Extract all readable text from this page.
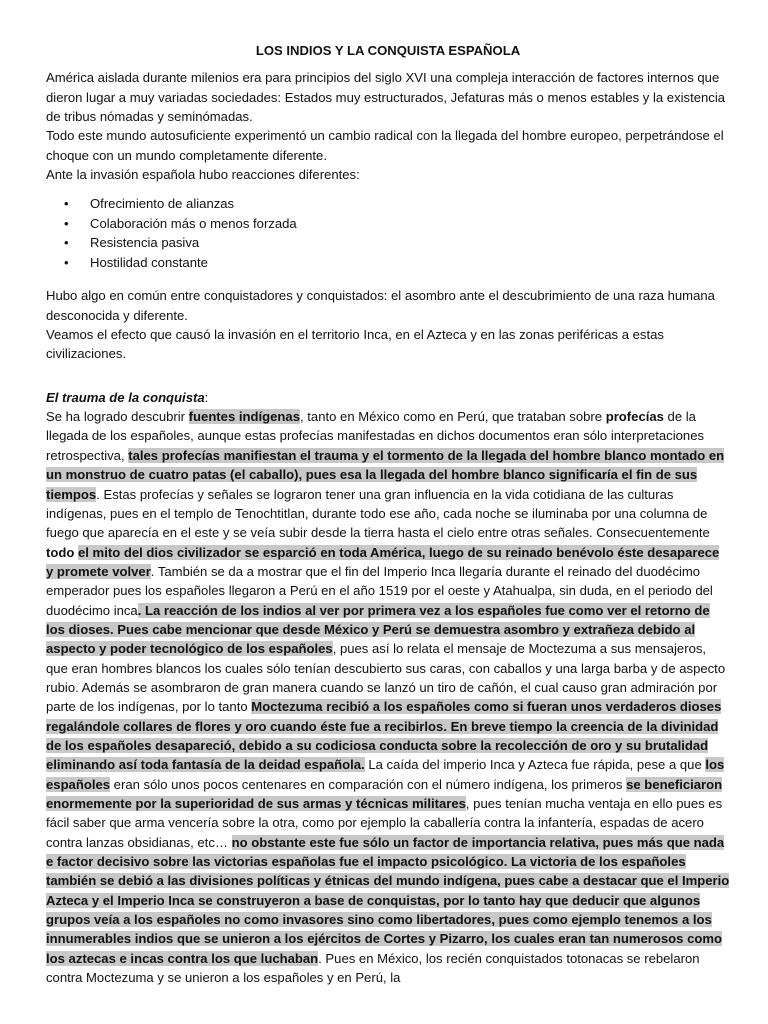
LOS INDIOS Y LA CONQUISTA ESPAÑOLA

América aislada durante milenios era para principios del siglo XVI una compleja interacción de factores internos que dieron lugar a muy variadas sociedades: Estados muy estructurados, Jefaturas más o menos estables y la existencia de tribus nómadas y seminómadas.

Todo este mundo autosuficiente experimentó un cambio radical con la llegada del hombre europeo, perpetrándose el choque con un mundo completamente diferente.

Ante la invasión española hubo reacciones diferentes:

• Ofrecimiento de alianzas
• Colaboración más o menos forzada
• Resistencia pasiva
• Hostilidad constante

Hubo algo en común entre conquistadores y conquistados: el asombro ante el descubrimiento de una raza humana desconocida y diferente.

Veamos el efecto que causó la invasión en el territorio Inca, en el Azteca y en las zonas periféricas a estas civilizaciones.

El trauma de la conquista:

Se ha logrado descubrir fuentes indígenas, tanto en México como en Perú, que trataban sobre profecías de la llegada de los españoles, aunque estas profecías manifestadas en dichos documentos eran sólo interpretaciones retrospectiva, tales profecías manifiestan el trauma y el tormento de la llegada del hombre blanco montado en un monstruo de cuatro patas (el caballo), pues esa la llegada del hombre blanco significaría el fin de sus tiempos. Estas profecías y señales se lograron tener una gran influencia en la vida cotidiana de las culturas indígenas, pues en el templo de Tenochtitlan, durante todo ese año, cada noche se iluminaba por una columna de fuego que aparecía en el este y se veía subir desde la tierra hasta el cielo entre otras señales. Consecuentemente todo el mito del dios civilizador se esparció en toda América, luego de su reinado benévolo éste desaparece y promete volver. También se da a mostrar que el fin del Imperio Inca llegaría durante el reinado del duodécimo emperador pues los españoles llegaron a Perú en el año 1519 por el oeste y Atahualpa, sin duda, en el periodo del duodécimo inca. La reacción de los indios al ver por primera vez a los españoles fue como ver el retorno de los dioses. Pues cabe mencionar que desde México y Perú se demuestra asombro y extrañeza debido al aspecto y poder tecnológico de los españoles, pues así lo relata el mensaje de Moctezuma a sus mensajeros, que eran hombres blancos los cuales sólo tenían descubierto sus caras, con caballos y una larga barba y de aspecto rubio. Además se asombraron de gran manera cuando se lanzó un tiro de cañón, el cual causo gran admiración por parte de los indígenas, por lo tanto Moctezuma recibió a los españoles como si fueran unos verdaderos dioses regalándole collares de flores y oro cuando éste fue a recibirlos. En breve tiempo la creencia de la divinidad de los españoles desapareció, debido a su codiciosa conducta sobre la recolección de oro y su brutalidad eliminando así toda fantasía de la deidad española. La caída del imperio Inca y Azteca fue rápida, pese a que los españoles eran sólo unos pocos centenares en comparación con el número indígena, los primeros se beneficiaron enormemente por la superioridad de sus armas y técnicas militares, pues tenían mucha ventaja en ello pues es fácil saber que arma vencería sobre la otra, como por ejemplo la caballería contra la infantería, espadas de acero contra lanzas obsidianas, etc… no obstante este fue sólo un factor de importancia relativa, pues más que nada e factor decisivo sobre las victorias españolas fue el impacto psicológico. La victoria de los españoles también se debió a las divisiones políticas y étnicas del mundo indígena, pues cabe a destacar que el Imperio Azteca y el Imperio Inca se construyeron a base de conquistas, por lo tanto hay que deducir que algunos grupos veía a los españoles no como invasores sino como libertadores, pues como ejemplo tenemos a los innumerables indios que se unieron a los ejércitos de Cortes y Pizarro, los cuales eran tan numerosos como los aztecas e incas contra los que luchaban. Pues en México, los recién conquistados totonacas se rebelaron contra Moctezuma y se unieron a los españoles y en Perú, la
